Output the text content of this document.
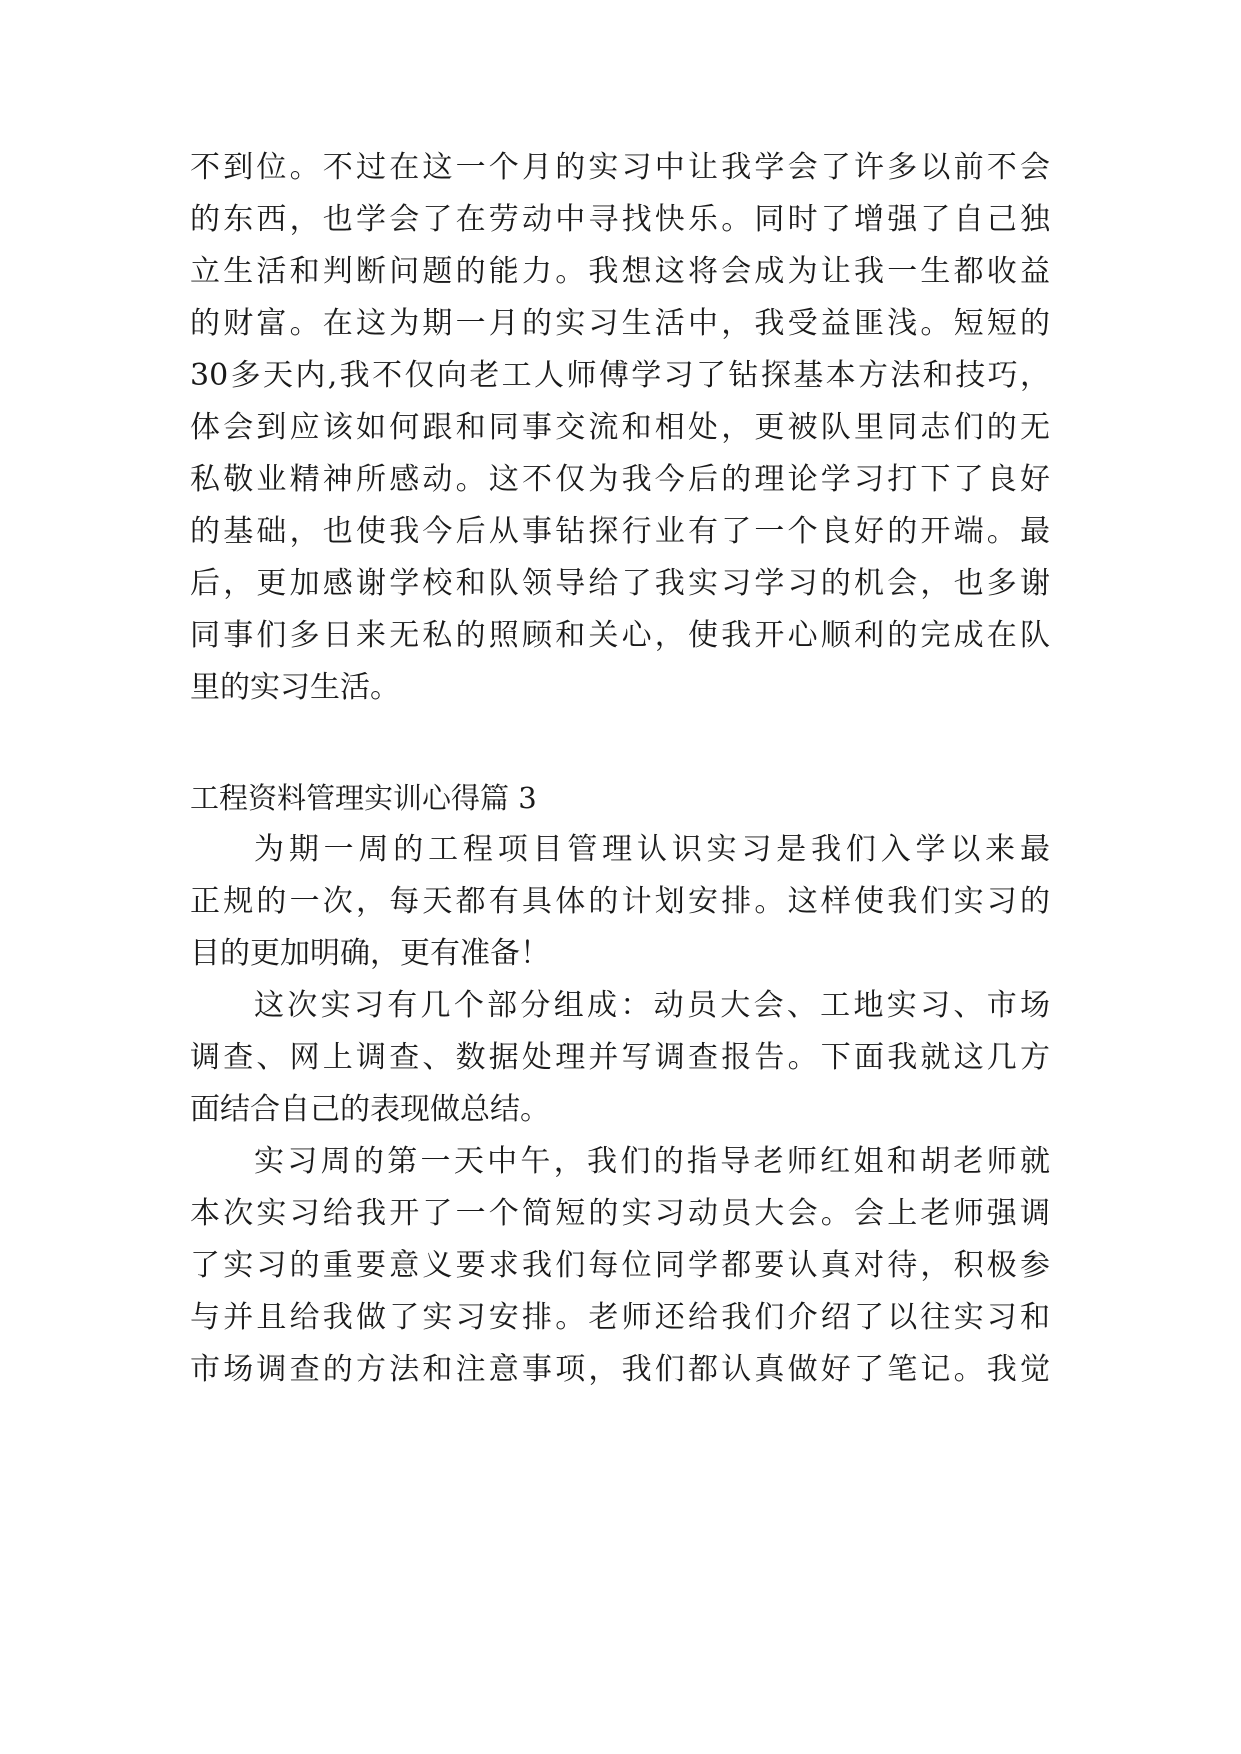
不到位。不过在这一个月的实习中让我学会了许多以前不会
的东西，也学会了在劳动中寻找快乐。同时了增强了自己独
立生活和判断问题的能力。我想这将会成为让我一生都收益
的财富。在这为期一月的实习生活中，我受益匪浅。短短的
30多天内,我不仅向老工人师傅学习了钻探基本方法和技巧，
体会到应该如何跟和同事交流和相处，更被队里同志们的无
私敬业精神所感动。这不仅为我今后的理论学习打下了良好
的基础，也使我今后从事钻探行业有了一个良好的开端。最
后，更加感谢学校和队领导给了我实习学习的机会，也多谢
同事们多日来无私的照顾和关心，使我开心顺利的完成在队
里的实习生活。
工程资料管理实训心得篇 3
为期一周的工程项目管理认识实习是我们入学以来最
正规的一次，每天都有具体的计划安排。这样使我们实习的
目的更加明确，更有准备！
这次实习有几个部分组成：动员大会、工地实习、市场
调查、网上调查、数据处理并写调查报告。下面我就这几方
面结合自己的表现做总结。
实习周的第一天中午，我们的指导老师红姐和胡老师就
本次实习给我开了一个简短的实习动员大会。会上老师强调
了实习的重要意义要求我们每位同学都要认真对待，积极参
与并且给我做了实习安排。老师还给我们介绍了以往实习和
市场调查的方法和注意事项，我们都认真做好了笔记。我觉
